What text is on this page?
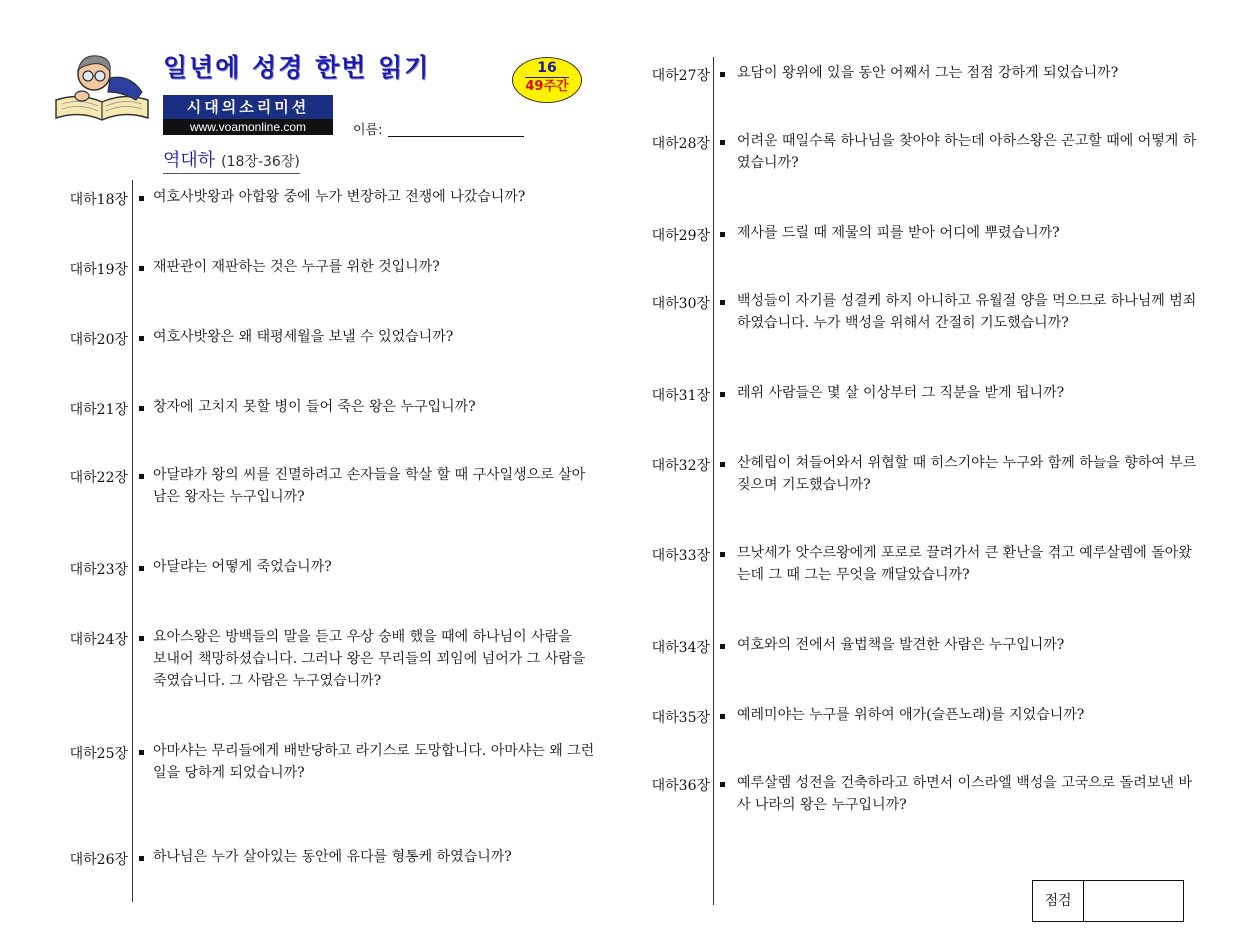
일년에 성경 한번 읽기	16
49주간
시대의소리미션
www.voamonline.com	이름:
역대하 (18장-36장)
대하18장 여호사밧왕과 아합왕 중에 누가 변장하고 전쟁에 나갔습니까?
대하19장 재판관이 재판하는 것은 누구를 위한 것입니까?
대하20장 여호사밧왕은 왜 태평세월을 보낼 수 있었습니까?
대하21장 창자에 고치지 못할 병이 들어 죽은 왕은 누구입니까?
대하22장 아달랴가 왕의 씨를 진멸하려고 손자들을 학살 할 때 구사일생으로 살아남은 왕자는 누구입니까?
대하23장 아달랴는 어떻게 죽었습니까?
대하24장 요아스왕은 방백들의 말을 듣고 우상 숭배 했을 때에 하나님이 사람을 보내어 책망하셨습니다. 그러나 왕은 무리들의 꾀임에 넘어가 그 사람을 죽였습니다. 그 사람은 누구였습니까?
대하25장 아마샤는 무리들에게 배반당하고 라기스로 도망합니다. 아마샤는 왜 그런 일을 당하게 되었습니까?
대하26장 하나님은 누가 살아있는 동안에 유다를 형통케 하였습니까?
대하27장 요담이 왕위에 있을 동안 어째서 그는 점점 강하게 되었습니까?
대하28장 어려운 때일수록 하나님을 찾아야 하는데 아하스왕은 곤고할 때에 어떻게 하였습니까?
대하29장 제사를 드릴 때 제물의 피를 받아 어디에 뿌렸습니까?
대하30장 백성들이 자기를 성결케 하지 아니하고 유월절 양을 먹으므로 하나님께 범죄하였습니다. 누가 백성을 위해서 간절히 기도했습니까?
대하31장 레위 사람들은 몇 살 이상부터 그 직분을 받게 됩니까?
대하32장 산헤립이 쳐들어와서 위협할 때 히스기야는 누구와 함께 하늘을 향하여 부르짖으며 기도했습니까?
대하33장 므낫세가 앗수르왕에게 포로로 끌려가서 큰 환난을 겪고 예루살렘에 돌아왔는데 그 때 그는 무엇을 깨달았습니까?
대하34장 여호와의 전에서 율법책을 발견한 사람은 누구입니까?
대하35장 예레미야는 누구를 위하여 애가(슬픈노래)를 지었습니까?
대하36장 예루살렘 성전을 건축하라고 하면서 이스라엘 백성을 고국으로 돌려보낸 바사 나라의 왕은 누구입니까?
점검
